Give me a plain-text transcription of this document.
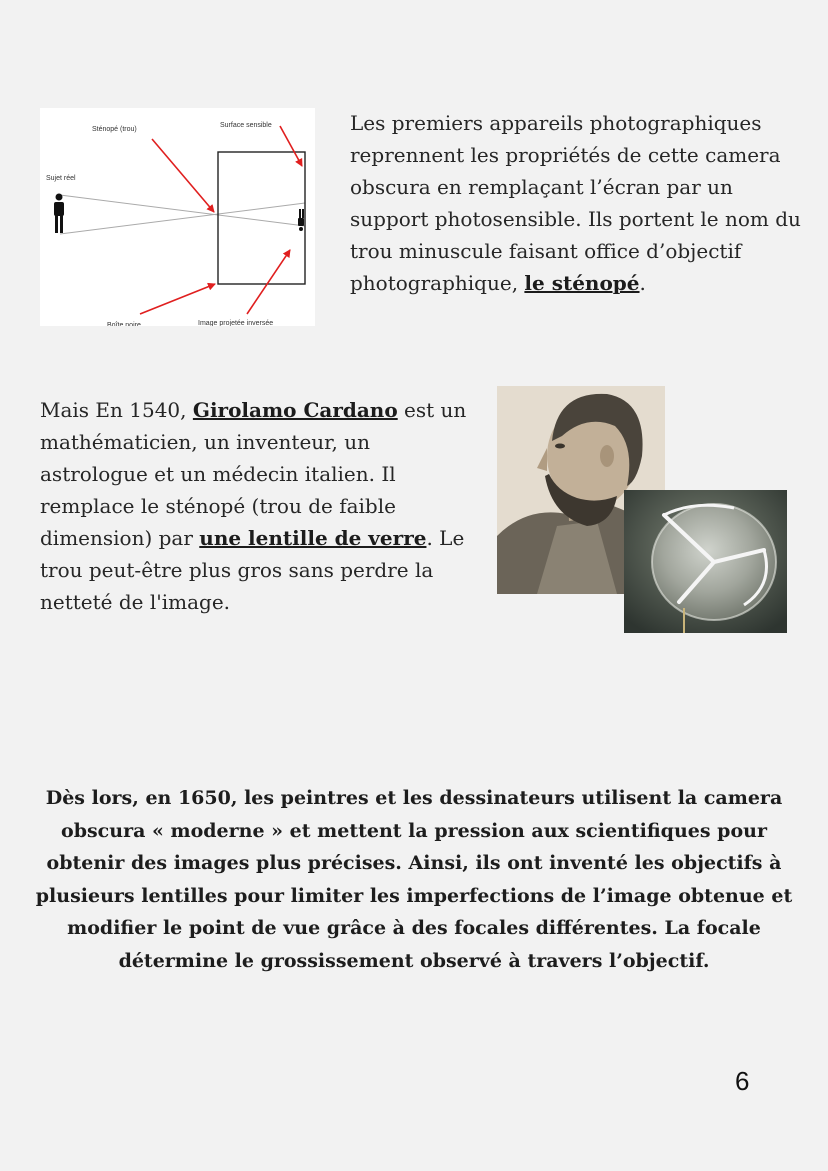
Sténopé (trou)
Surface sensible
Sujet réel
Boîte noire	Image projetée inversée
Les premiers appareils photographiques reprennent les propriétés de cette camera obscura en remplaçant l’écran par un support photosensible. Ils portent le nom du trou minuscule faisant office d’objectif photographique, le sténopé.
Mais En 1540, Girolamo Cardano est un mathématicien, un inventeur, un astrologue et un médecin italien. Il remplace le sténopé (trou de faible dimension) par une lentille de verre. Le trou peut-être plus gros sans perdre la netteté de l'image.
Dès lors, en 1650, les peintres et les dessinateurs utilisent la camera obscura « moderne » et mettent la pression aux scientifiques pour obtenir des images plus précises. Ainsi, ils ont inventé les objectifs à plusieurs lentilles pour limiter les imperfections de l’image obtenue et modifier le point de vue grâce à des focales différentes. La focale détermine le grossissement observé à travers l’objectif.
6
